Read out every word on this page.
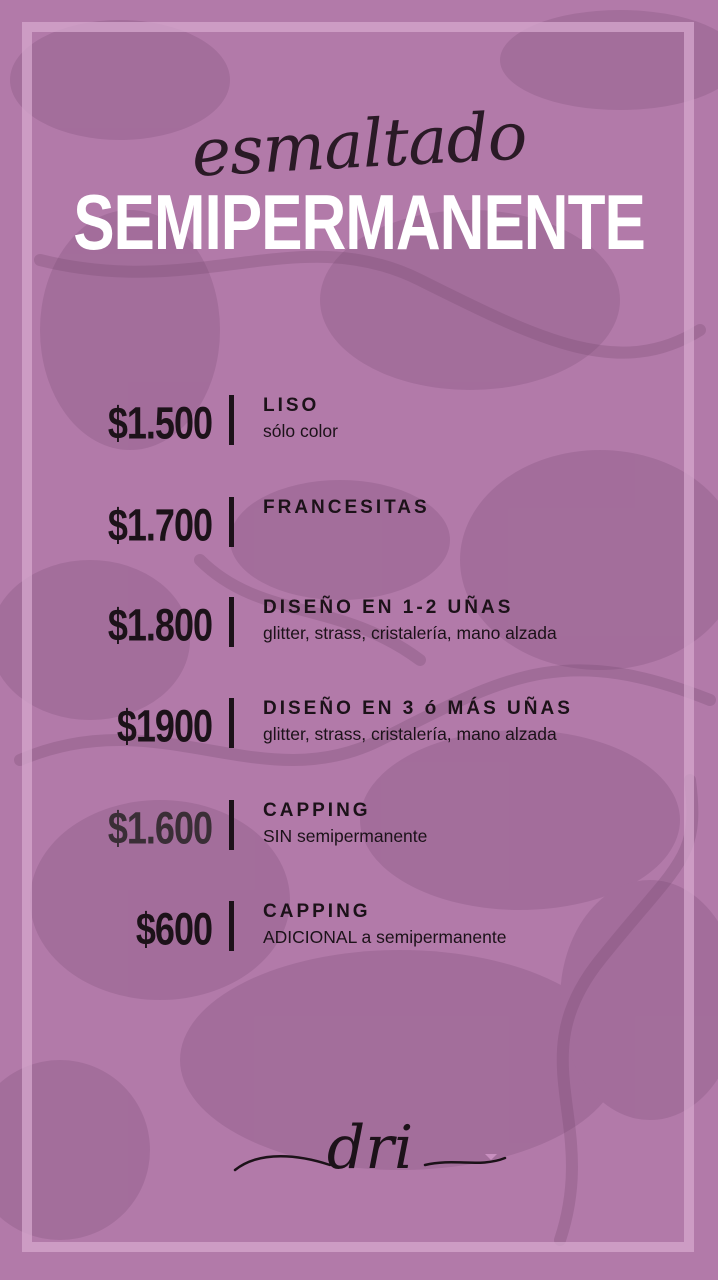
esmaltado
SEMIPERMANENTE
$1.500	LISO
sólo color
$1.700	FRANCESITAS
$1.800	DISEÑO EN 1-2 UÑAS
glitter, strass, cristalería, mano alzada
$1900	DISEÑO EN 3 ó MÁS UÑAS
glitter, strass, cristalería, mano alzada
$1.600	CAPPING
SIN semipermanente
$600	CAPPING
ADICIONAL a semipermanente
dri
